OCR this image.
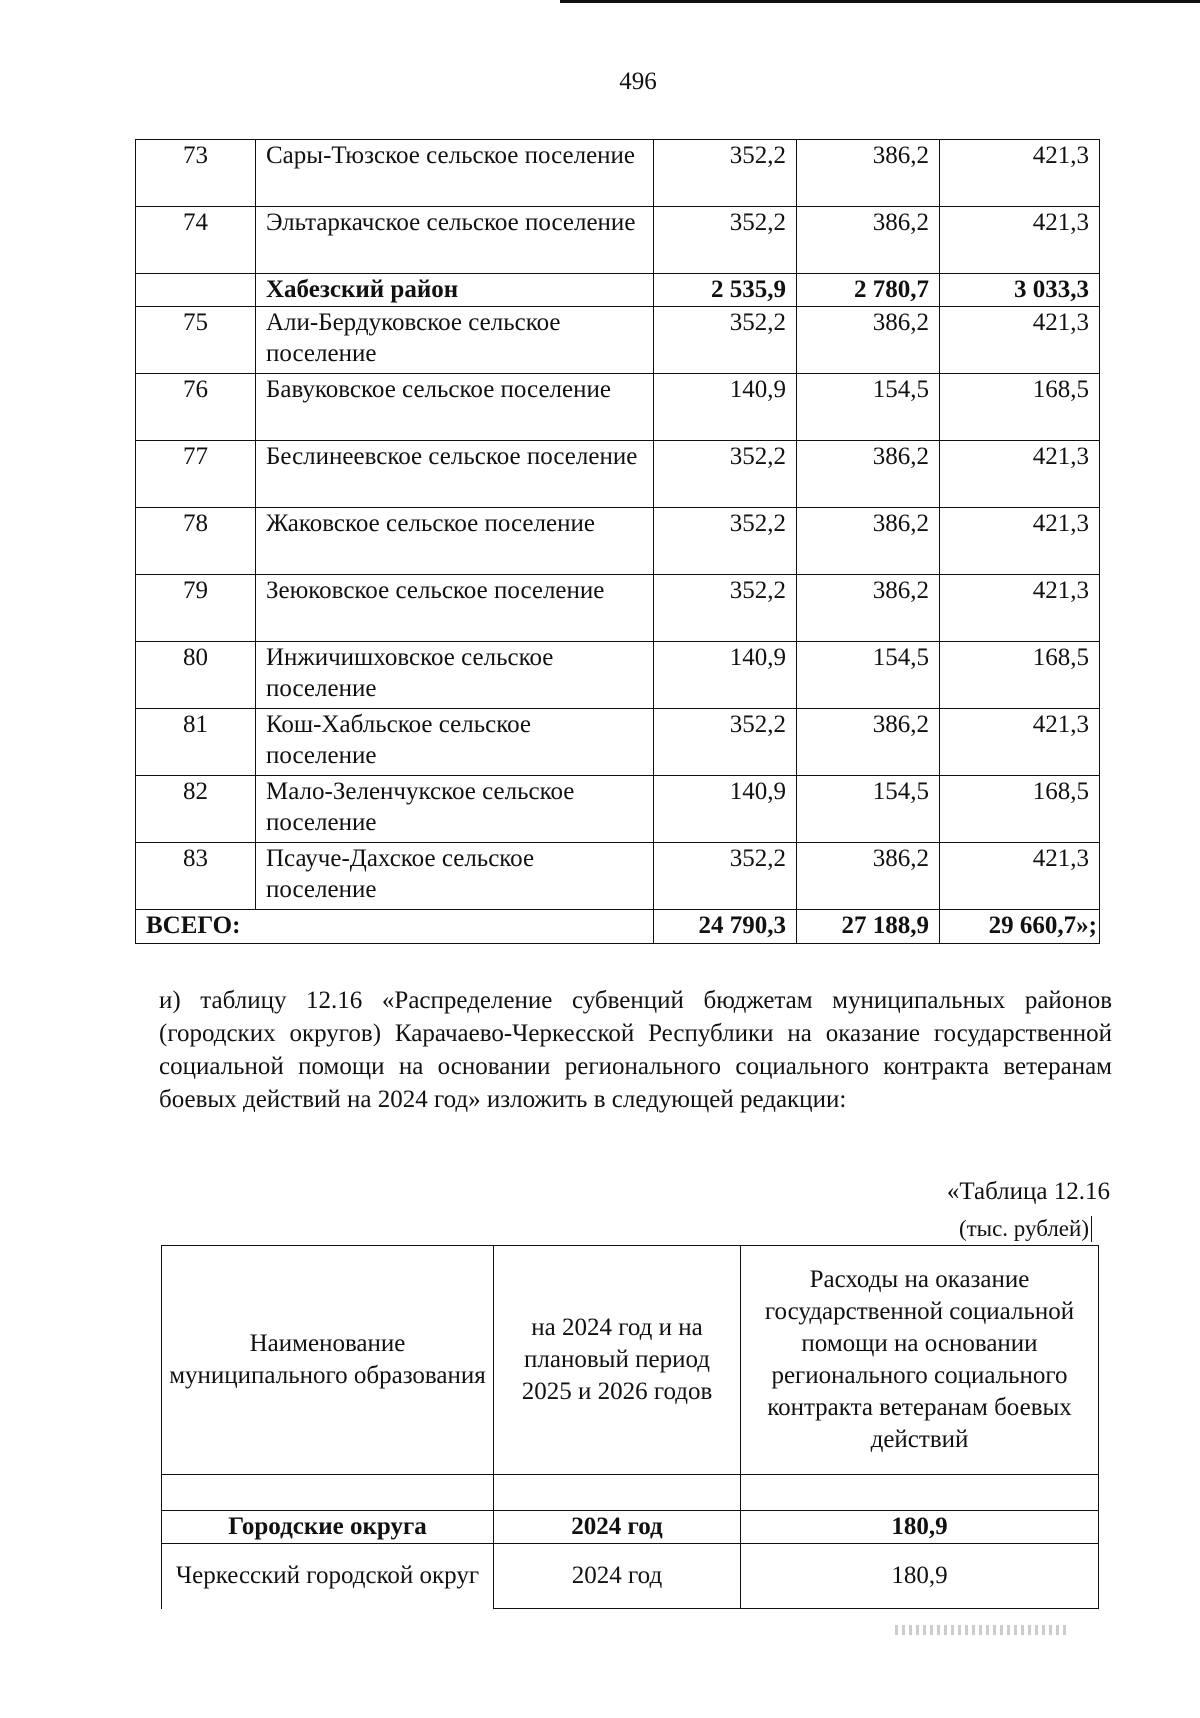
496
73	Сары-Тюзское сельское поселение	352,2	386,2	421,3
74	Эльтаркачское сельское поселение	352,2	386,2	421,3
	Хабезский район	2 535,9	2 780,7	3 033,3
75	Али-Бердуковское сельское поселение	352,2	386,2	421,3
76	Бавуковское сельское поселение	140,9	154,5	168,5
77	Беслинеевское сельское поселение	352,2	386,2	421,3
78	Жаковское сельское поселение	352,2	386,2	421,3
79	Зеюковское сельское поселение	352,2	386,2	421,3
80	Инжичишховское сельское поселение	140,9	154,5	168,5
81	Кош-Хабльское сельское поселение	352,2	386,2	421,3
82	Мало-Зеленчукское сельское поселение	140,9	154,5	168,5
83	Псауче-Дахское сельское поселение	352,2	386,2	421,3
ВСЕГО:		24 790,3	27 188,9	29 660,7»;
и) таблицу 12.16 «Распределение субвенций бюджетам муниципальных районов (городских округов) Карачаево-Черкесской Республики на оказание государственной социальной помощи на основании регионального социального контракта ветеранам боевых действий на 2024 год» изложить в следующей редакции:
«Таблица 12.16
(тыс. рублей)
Наименование муниципального образования	на 2024 год и на плановый период 2025 и 2026 годов	Расходы на оказание государственной социальной помощи на основании регионального социального контракта ветеранам боевых действий

Городские округа	2024 год	180,9
Черкесский городской округ	2024 год	180,9
